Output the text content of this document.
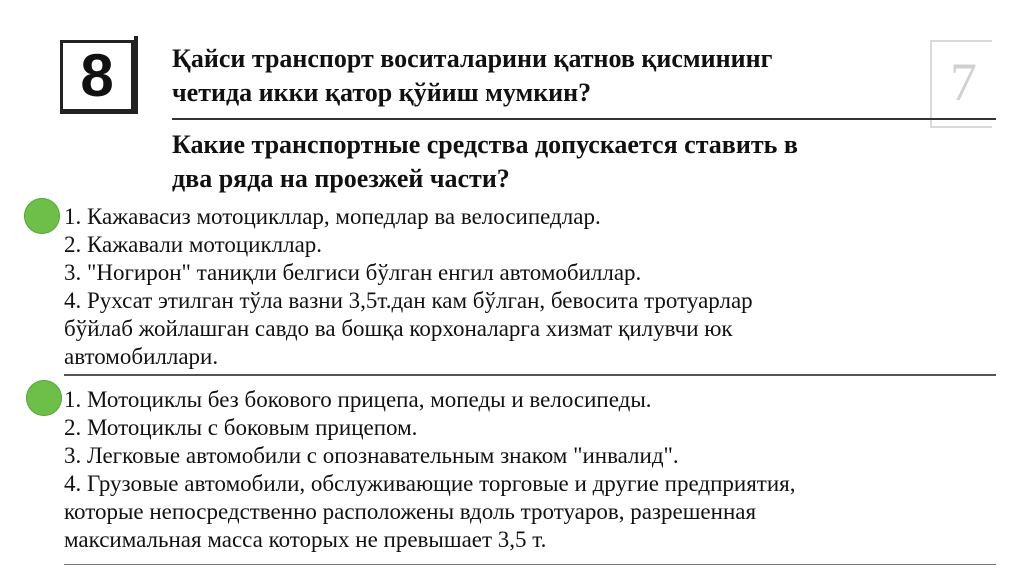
7
8	Қайси транспорт воситаларини қатнов қисмининг
четида икки қатор қўйиш мумкин?
Какие транспортные средства допускается ставить в
два ряда на проезжей части?
1. Кажавасиз мотоцикллар, мопедлар ва велосипедлар.
2. Кажавали мотоцикллар.
3. "Ногирон" таниқли белгиси бўлган енгил автомобиллар.
4. Рухсат этилган тўла вазни 3,5т.дан кам бўлган, бевосита тротуарлар
бўйлаб жойлашган савдо ва бошқа корхоналарга хизмат қилувчи юк
автомобиллари.
1. Мотоциклы без бокового прицепа, мопеды и велосипеды.
2. Мотоциклы с боковым прицепом.
3. Легковые автомобили с опознавательным знаком "инвалид".
4. Грузовые автомобили, обслуживающие торговые и другие предприятия,
которые непосредственно расположены вдоль тротуаров, разрешенная
максимальная масса которых не превышает 3,5 т.
